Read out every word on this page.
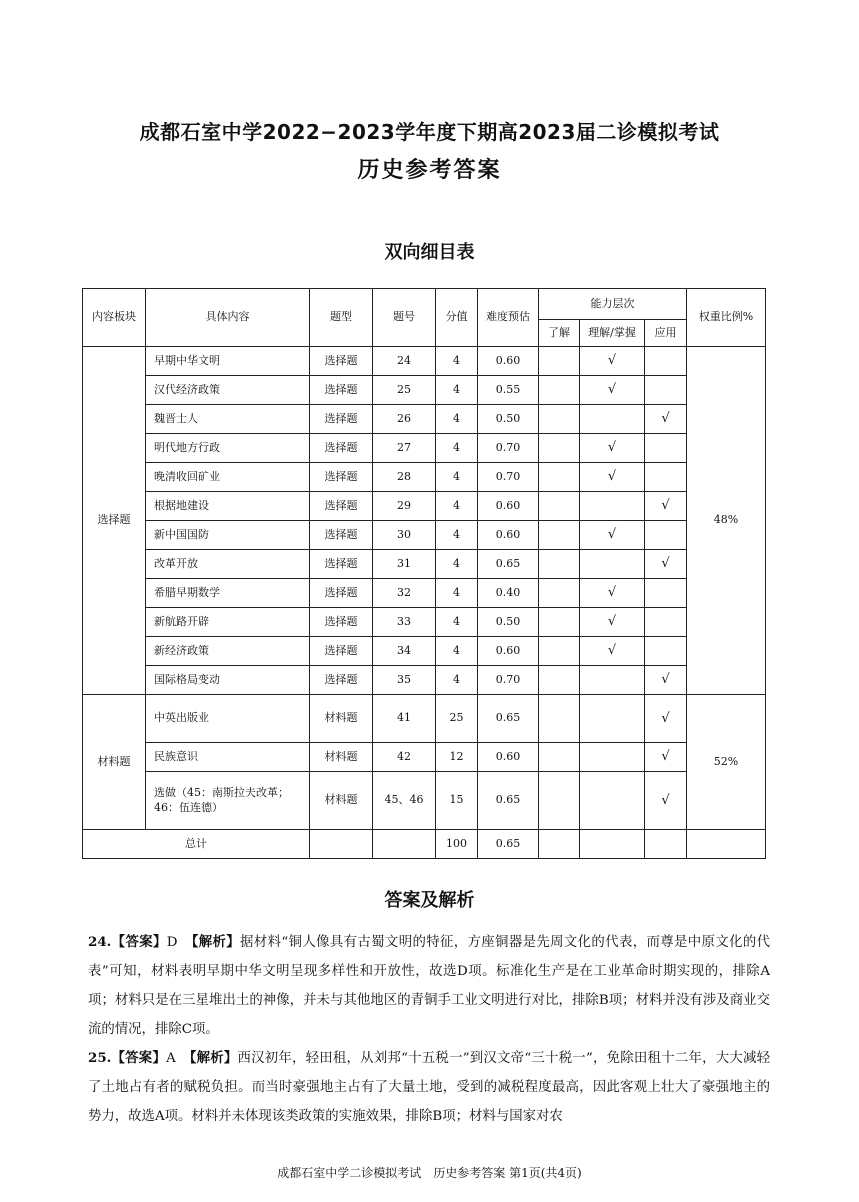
成都石室中学2022−2023学年度下期高2023届二诊模拟考试
历史参考答案
双向细目表
内容板块	具体内容	题型	题号	分值	难度预估	能力层次			权重比例%
						了解	理解/掌握	应用	
选择题	早期中华文明	选择题	24	4	0.60		√		48%
	汉代经济政策	选择题	25	4	0.55		√		
	魏晋士人	选择题	26	4	0.50			√	
	明代地方行政	选择题	27	4	0.70		√		
	晚清收回矿业	选择题	28	4	0.70		√		
	根据地建设	选择题	29	4	0.60			√	
	新中国国防	选择题	30	4	0.60		√		
	改革开放	选择题	31	4	0.65			√	
	希腊早期数学	选择题	32	4	0.40		√		
	新航路开辟	选择题	33	4	0.50		√		
	新经济政策	选择题	34	4	0.60		√		
	国际格局变动	选择题	35	4	0.70			√	
材料题	中英出版业	材料题	41	25	0.65			√	52%
	民族意识	材料题	42	12	0.60			√	
	选做（45：南斯拉夫改革；46：伍连德）	材料题	45、46	15	0.65			√	
总计				100	0.65				
答案及解析
24.【答案】D　 【解析】据材料“铜人像具有古蜀文明的特征，方座铜器是先周文化的代表，而尊是中原文化的代表”可知，材料表明早期中华文明呈现多样性和开放性，故选D项。标准化生产是在工业革命时期实现的，排除A项；材料只是在三星堆出土的神像，并未与其他地区的青铜手工业文明进行对比，排除B项；材料并没有涉及商业交流的情况，排除C项。
25.【答案】A　 【解析】西汉初年，轻田租，从刘邦“十五税一”到汉文帝“三十税一”，免除田租十二年，大大减轻了土地占有者的赋税负担。而当时豪强地主占有了大量土地，受到的减税程度最高，因此客观上壮大了豪强地主的势力，故选A项。材料并未体现该类政策的实施效果，排除B项；材料与国家对农
成都石室中学二诊模拟考试　历史参考答案 第1页(共4页)
